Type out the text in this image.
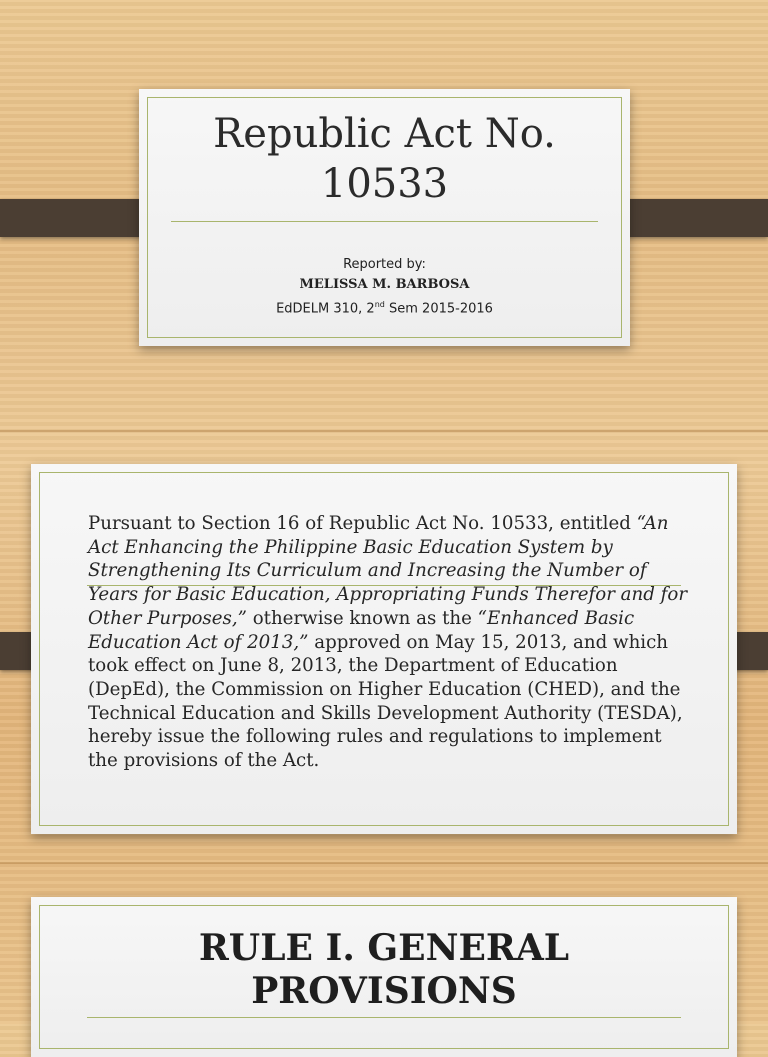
Republic Act No.
10533
Reported by:
MELISSA M. BARBOSA
EdDELM 310, 2nd Sem 2015-2016
Pursuant to Section 16 of Republic Act No. 10533, entitled “An Act Enhancing the Philippine Basic Education System by Strengthening Its Curriculum and Increasing the Number of Years for Basic Education, Appropriating Funds Therefor and for Other Purposes,” otherwise known as the “Enhanced Basic Education Act of 2013,” approved on May 15, 2013, and which took effect on June 8, 2013, the Department of Education (DepEd), the Commission on Higher Education (CHED), and the Technical Education and Skills Development Authority (TESDA), hereby issue the following rules and regulations to implement the provisions of the Act.
RULE I. GENERAL
PROVISIONS
